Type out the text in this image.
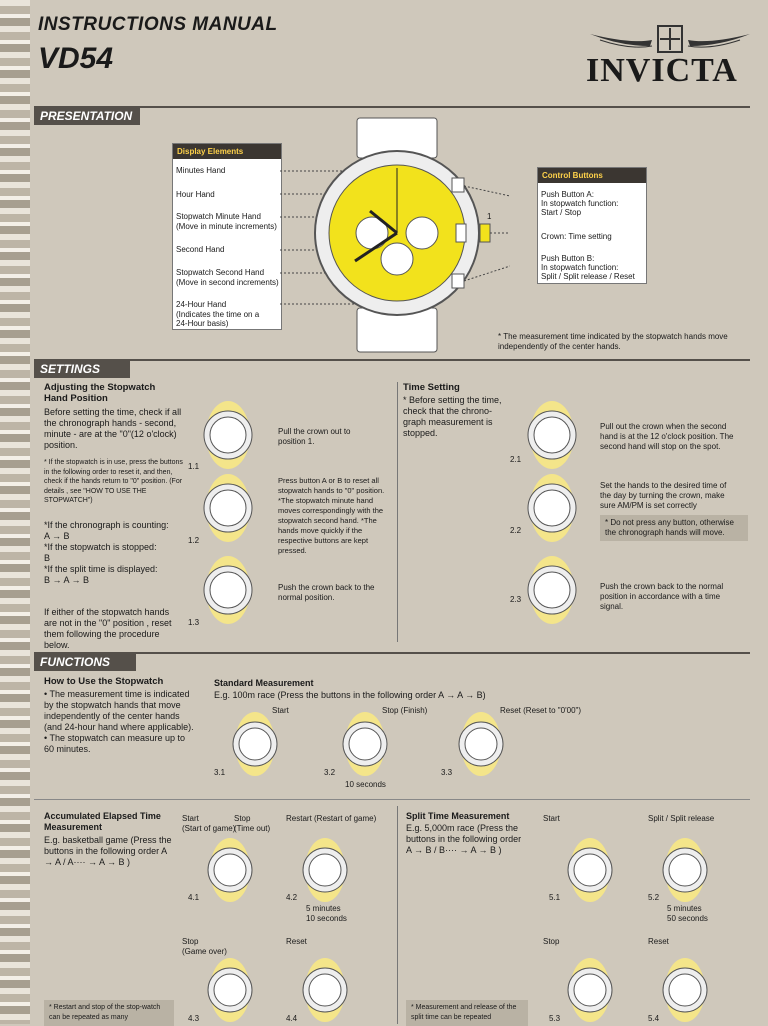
INSTRUCTIONS MANUAL
VD54	INVICTA
PRESENTATION
Display Elements
Minutes Hand
Hour Hand
Stopwatch Minute Hand
(Move in minute increments)
Second Hand
Stopwatch Second Hand
(Move in second increments)
24-Hour Hand
(Indicates the time on a
24-Hour basis)
1
Control Buttons
Push Button A:
In stopwatch function:
Start / Stop
Crown: Time setting
Push Button B:
In stopwatch function:
Split / Split release / Reset
* The measurement time indicated by the stopwatch hands move independently of the center hands.
SETTINGS
Adjusting the Stopwatch Hand Position
Before setting the time, check if all the chronograph hands - second, minute - are at the "0"(12 o'clock) position.
* If the stopwatch is in use, press the buttons in the following order to reset it, and then, check if the hands return to "0" position. (For details , see "HOW TO USE THE STOPWATCH")
*If the chronograph is counting:
A → B
*If the stopwatch is stopped:
B
*If the split time is displayed:
B → A → B
If either of the stopwatch hands are not in the "0" position , reset them following the procedure below.
1.1
1.2
1.3
Pull the crown out to position 1.
Press button A or B to reset all stopwatch hands to "0" position. *The stopwatch minute hand moves correspondingly with the stopwatch second hand. *The hands move quickly if the respective buttons are kept pressed.
Push the crown back to the normal position.
Time Setting
* Before setting the time, check that the chrono-graph measurement is stopped.
2.1
2.2
2.3
Pull out the crown when the second hand is at the 12 o'clock position. The second hand will stop on the spot.
Set the hands to the desired time of the day by turning the crown, make sure AM/PM is set correctly
* Do not press any button, otherwise the chronograph hands will move.
Push the crown back to the normal position in accordance with a time signal.
FUNCTIONS
How to Use the Stopwatch
• The measurement time is indicated by the stopwatch hands that move independently of the center hands (and 24-hour hand where applicable).
• The stopwatch can measure up to 60 minutes.
Standard Measurement
E.g. 100m race (Press the buttons in the following order A → A → B)
Start	Stop (Finish)	Reset (Reset to "0'00")
3.1	3.2	3.3
10 seconds
Accumulated Elapsed Time Measurement
E.g. basketball game (Press the buttons in the following order A → A / A···· → A → B )
Start	Stop
(Start of game)
(Time out)
Restart (Restart of game)
Stop
(Game over)
Reset
4.1	4.2
4.3	4.4
5 minutes
10 seconds
* Restart and stop of the stop-watch can be repeated as many
Split Time Measurement
E.g. 5,000m race (Press the buttons in the following order A → B / B···· → A → B )
Start	Split / Split release
Stop	Reset
5.1	5.2
5.3	5.4
5 minutes
50 seconds
* Measurement and release of the split time can be repeated
